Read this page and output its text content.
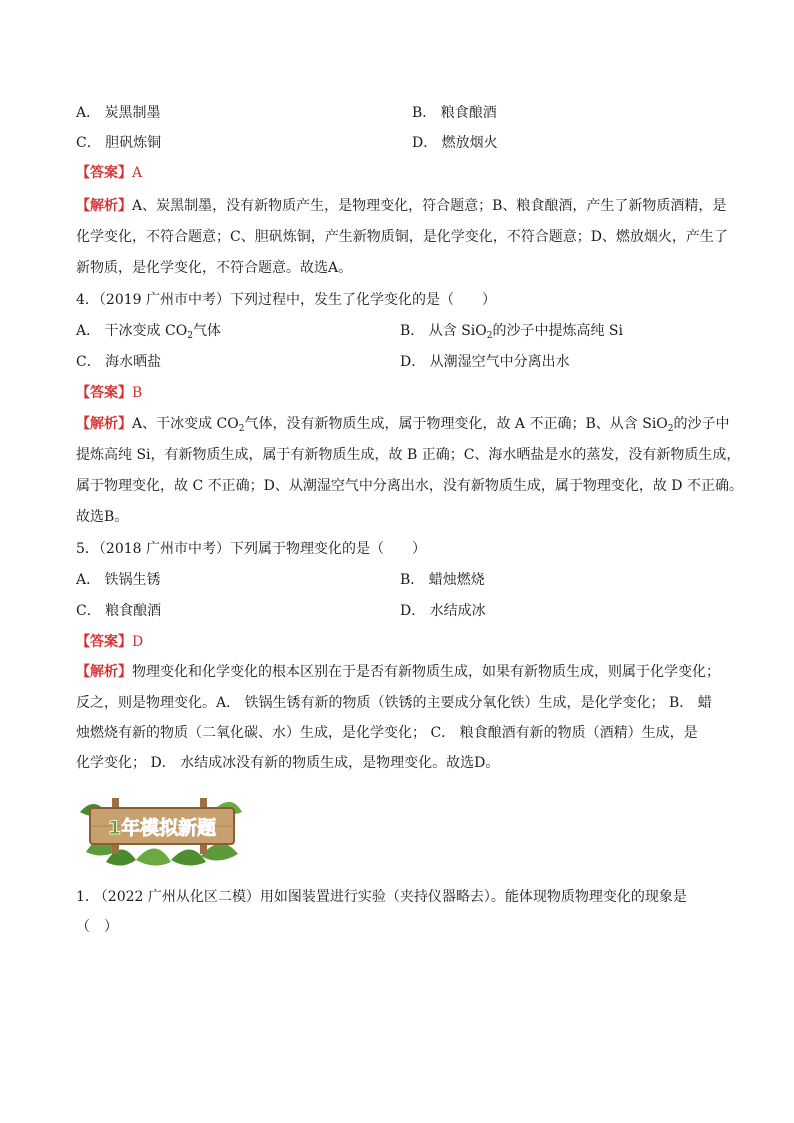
A． 炭黑制墨	B． 粮食酿酒
C． 胆矾炼铜	D． 燃放烟火
【答案】A
【解析】A、炭黑制墨，没有新物质产生，是物理变化，符合题意；B、粮食酿酒，产生了新物质酒精，是
化学变化，不符合题意；C、胆矾炼铜，产生新物质铜，是化学变化，不符合题意；D、燃放烟火，产生了
新物质，是化学变化，不符合题意。故选A。
4．（2019 广州市中考）下列过程中，发生了化学变化的是（　　）
A． 干冰变成 $CO_2$气体	B． 从含 SiO$_2$的沙子中提炼高纯 Si
C． 海水晒盐	D． 从潮湿空气中分离出水
【答案】B
【解析】A、干冰变成 $CO_2$气体，没有新物质生成，属于物理变化，故 A 不正确；B、从含 SiO$_2$的沙子中
提炼高纯 Si，有新物质生成，属于有新物质生成，故 B 正确；C、海水晒盐是水的蒸发，没有新物质生成，
属于物理变化，故 C 不正确；D、从潮湿空气中分离出水，没有新物质生成，属于物理变化，故 D 不正确。
故选B。
5．（2018 广州市中考）下列属于物理变化的是（　　）
A． 铁锅生锈	B． 蜡烛燃烧
C． 粮食酿酒	D． 水结成冰
【答案】D
【解析】物理变化和化学变化的根本区别在于是否有新物质生成，如果有新物质生成，则属于化学变化；
反之，则是物理变化。A． 铁锅生锈有新的物质（铁锈的主要成分氧化铁）生成，是化学变化； B． 蜡
烛燃烧有新的物质（二氧化碳、水）生成，是化学变化； C． 粮食酿酒有新的物质（酒精）生成，是
化学变化； D． 水结成冰没有新的物质生成，是物理变化。故选D。
1年模拟新题
1. （2022 广州从化区二模）用如图装置进行实验（夹持仪器略去）。能体现物质物理变化的现象是
（　）
